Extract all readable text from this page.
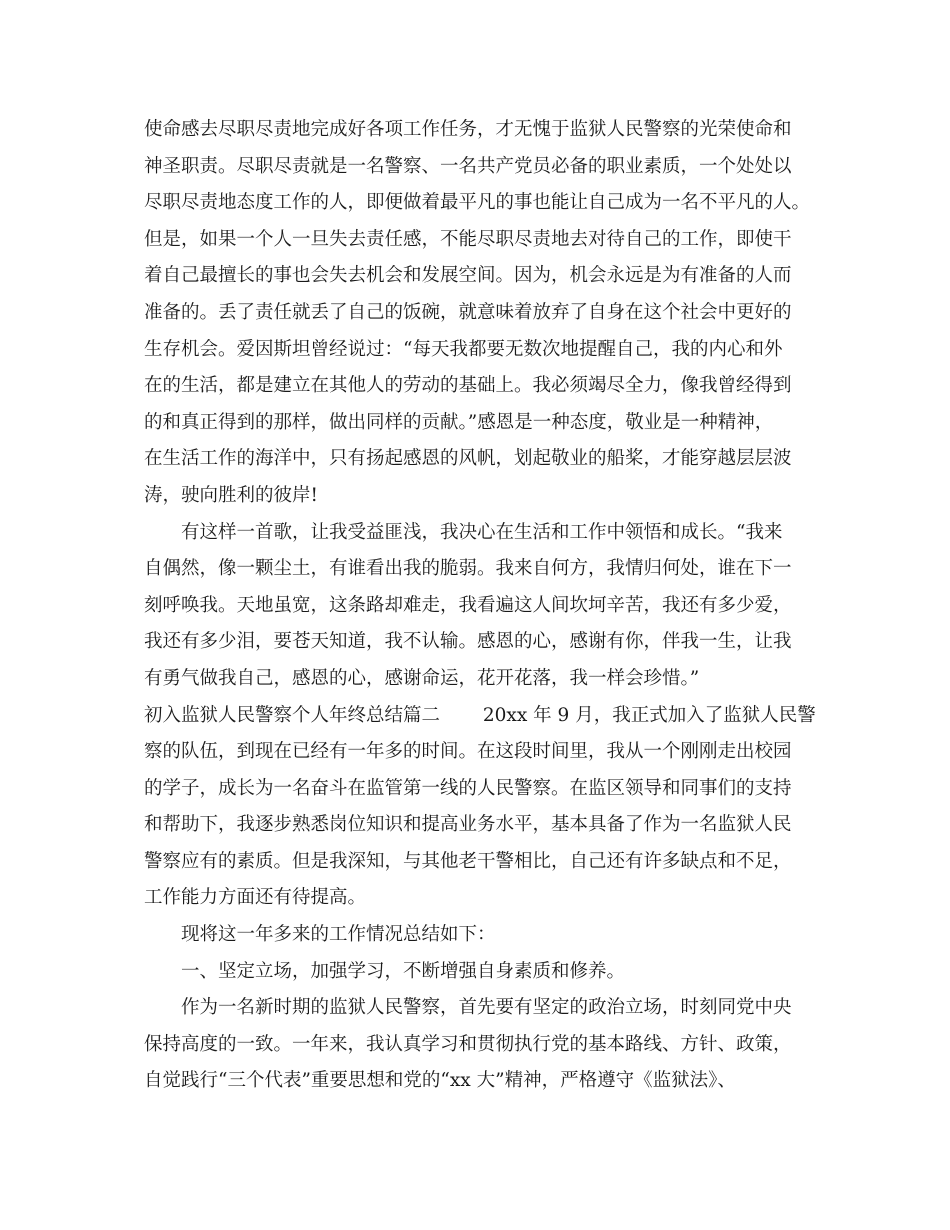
使命感去尽职尽责地完成好各项工作任务，才无愧于监狱人民警察的光荣使命和
神圣职责。尽职尽责就是一名警察、一名共产党员必备的职业素质，一个处处以
尽职尽责地态度工作的人，即便做着最平凡的事也能让自己成为一名不平凡的人。
但是，如果一个人一旦失去责任感，不能尽职尽责地去对待自己的工作，即使干
着自己最擅长的事也会失去机会和发展空间。因为，机会永远是为有准备的人而
准备的。丢了责任就丢了自己的饭碗，就意味着放弃了自身在这个社会中更好的
生存机会。爱因斯坦曾经说过：“每天我都要无数次地提醒自己，我的内心和外
在的生活，都是建立在其他人的劳动的基础上。我必须竭尽全力，像我曾经得到
的和真正得到的那样，做出同样的贡献。”感恩是一种态度，敬业是一种精神，
在生活工作的海洋中，只有扬起感恩的风帆，划起敬业的船桨，才能穿越层层波
涛，驶向胜利的彼岸!
有这样一首歌，让我受益匪浅，我决心在生活和工作中领悟和成长。“我来
自偶然，像一颗尘土，有谁看出我的脆弱。我来自何方，我情归何处，谁在下一
刻呼唤我。天地虽宽，这条路却难走，我看遍这人间坎坷辛苦，我还有多少爱，
我还有多少泪，要苍天知道，我不认输。感恩的心，感谢有你，伴我一生，让我
有勇气做我自己，感恩的心，感谢命运，花开花落，我一样会珍惜。”
初入监狱人民警察个人年终总结篇二　　 20xx 年 9 月，我正式加入了监狱人民警
察的队伍，到现在已经有一年多的时间。在这段时间里，我从一个刚刚走出校园
的学子，成长为一名奋斗在监管第一线的人民警察。在监区领导和同事们的支持
和帮助下，我逐步熟悉岗位知识和提高业务水平，基本具备了作为一名监狱人民
警察应有的素质。但是我深知，与其他老干警相比，自己还有许多缺点和不足，
工作能力方面还有待提高。
现将这一年多来的工作情况总结如下：
一、坚定立场，加强学习，不断增强自身素质和修养。
作为一名新时期的监狱人民警察，首先要有坚定的政治立场，时刻同党中央
保持高度的一致。一年来，我认真学习和贯彻执行党的基本路线、方针、政策，
自觉践行“三个代表”重要思想和党的“xx 大”精神，严格遵守《监狱法》、
